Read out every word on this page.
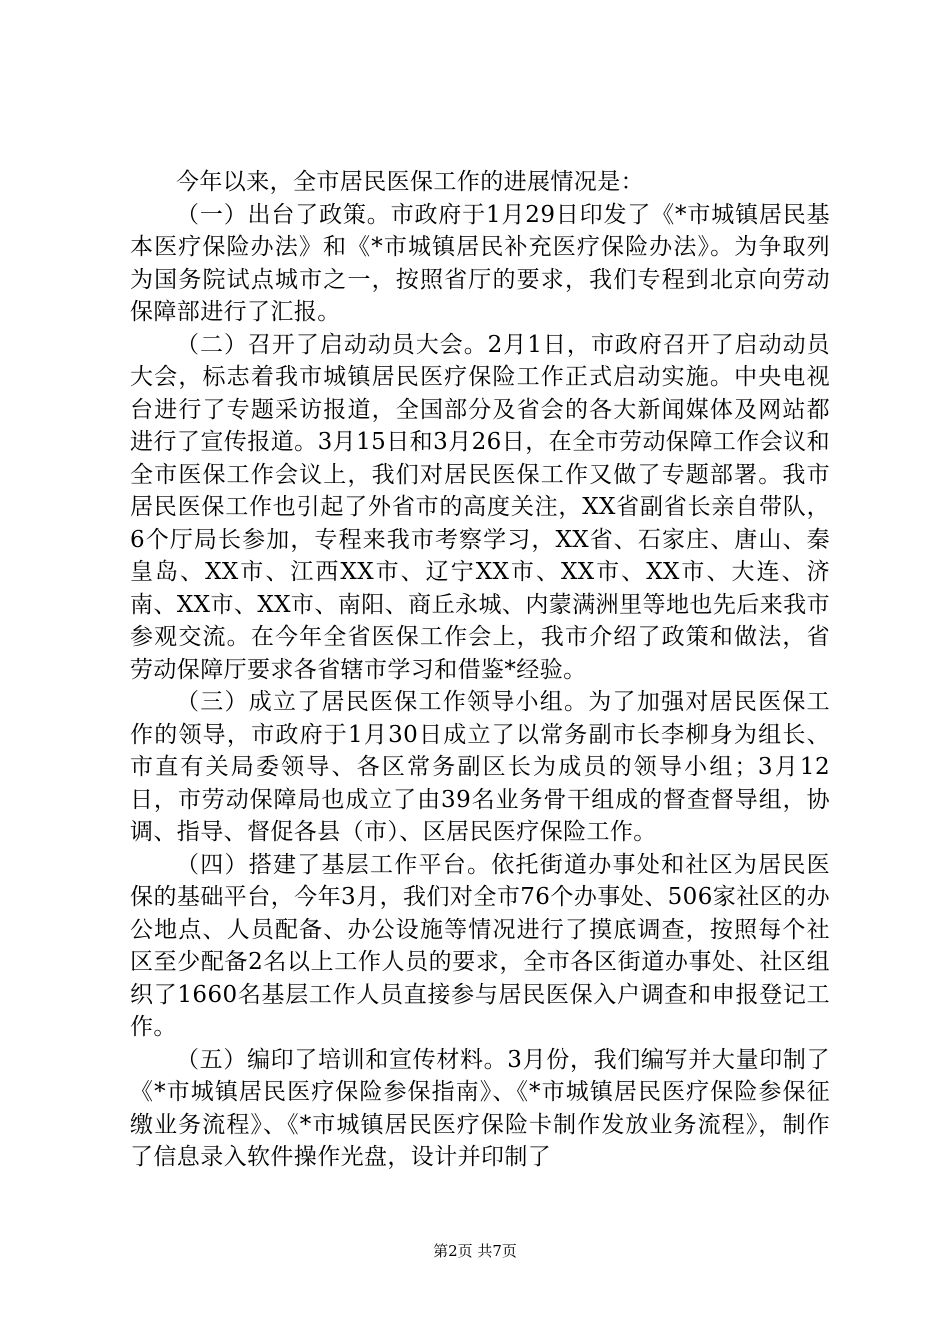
今年以来，全市居民医保工作的进展情况是：

（一）出台了政策。市政府于1月29日印发了《*市城镇居民基本医疗保险办法》和《*市城镇居民补充医疗保险办法》。为争取列为国务院试点城市之一，按照省厅的要求，我们专程到北京向劳动保障部进行了汇报。

（二）召开了启动动员大会。2月1日，市政府召开了启动动员大会，标志着我市城镇居民医疗保险工作正式启动实施。中央电视台进行了专题采访报道，全国部分及省会的各大新闻媒体及网站都进行了宣传报道。3月15日和3月26日，在全市劳动保障工作会议和全市医保工作会议上，我们对居民医保工作又做了专题部署。我市居民医保工作也引起了外省市的高度关注，XX省副省长亲自带队，6个厅局长参加，专程来我市考察学习，XX省、石家庄、唐山、秦皇岛、XX市、江西XX市、辽宁XX市、XX市、XX市、大连、济南、XX市、XX市、南阳、商丘永城、内蒙满洲里等地也先后来我市参观交流。在今年全省医保工作会上，我市介绍了政策和做法，省劳动保障厅要求各省辖市学习和借鉴*经验。

（三）成立了居民医保工作领导小组。为了加强对居民医保工作的领导，市政府于1月30日成立了以常务副市长李柳身为组长、市直有关局委领导、各区常务副区长为成员的领导小组；3月12日，市劳动保障局也成立了由39名业务骨干组成的督查督导组，协调、指导、督促各县（市）、区居民医疗保险工作。

（四）搭建了基层工作平台。依托街道办事处和社区为居民医保的基础平台，今年3月，我们对全市76个办事处、506家社区的办公地点、人员配备、办公设施等情况进行了摸底调查，按照每个社区至少配备2名以上工作人员的要求，全市各区街道办事处、社区组织了1660名基层工作人员直接参与居民医保入户调查和申报登记工作。

（五）编印了培训和宣传材料。3月份，我们编写并大量印制了《*市城镇居民医疗保险参保指南》、《*市城镇居民医疗保险参保征缴业务流程》、《*市城镇居民医疗保险卡制作发放业务流程》，制作了信息录入软件操作光盘，设计并印制了

第2页 共7页
